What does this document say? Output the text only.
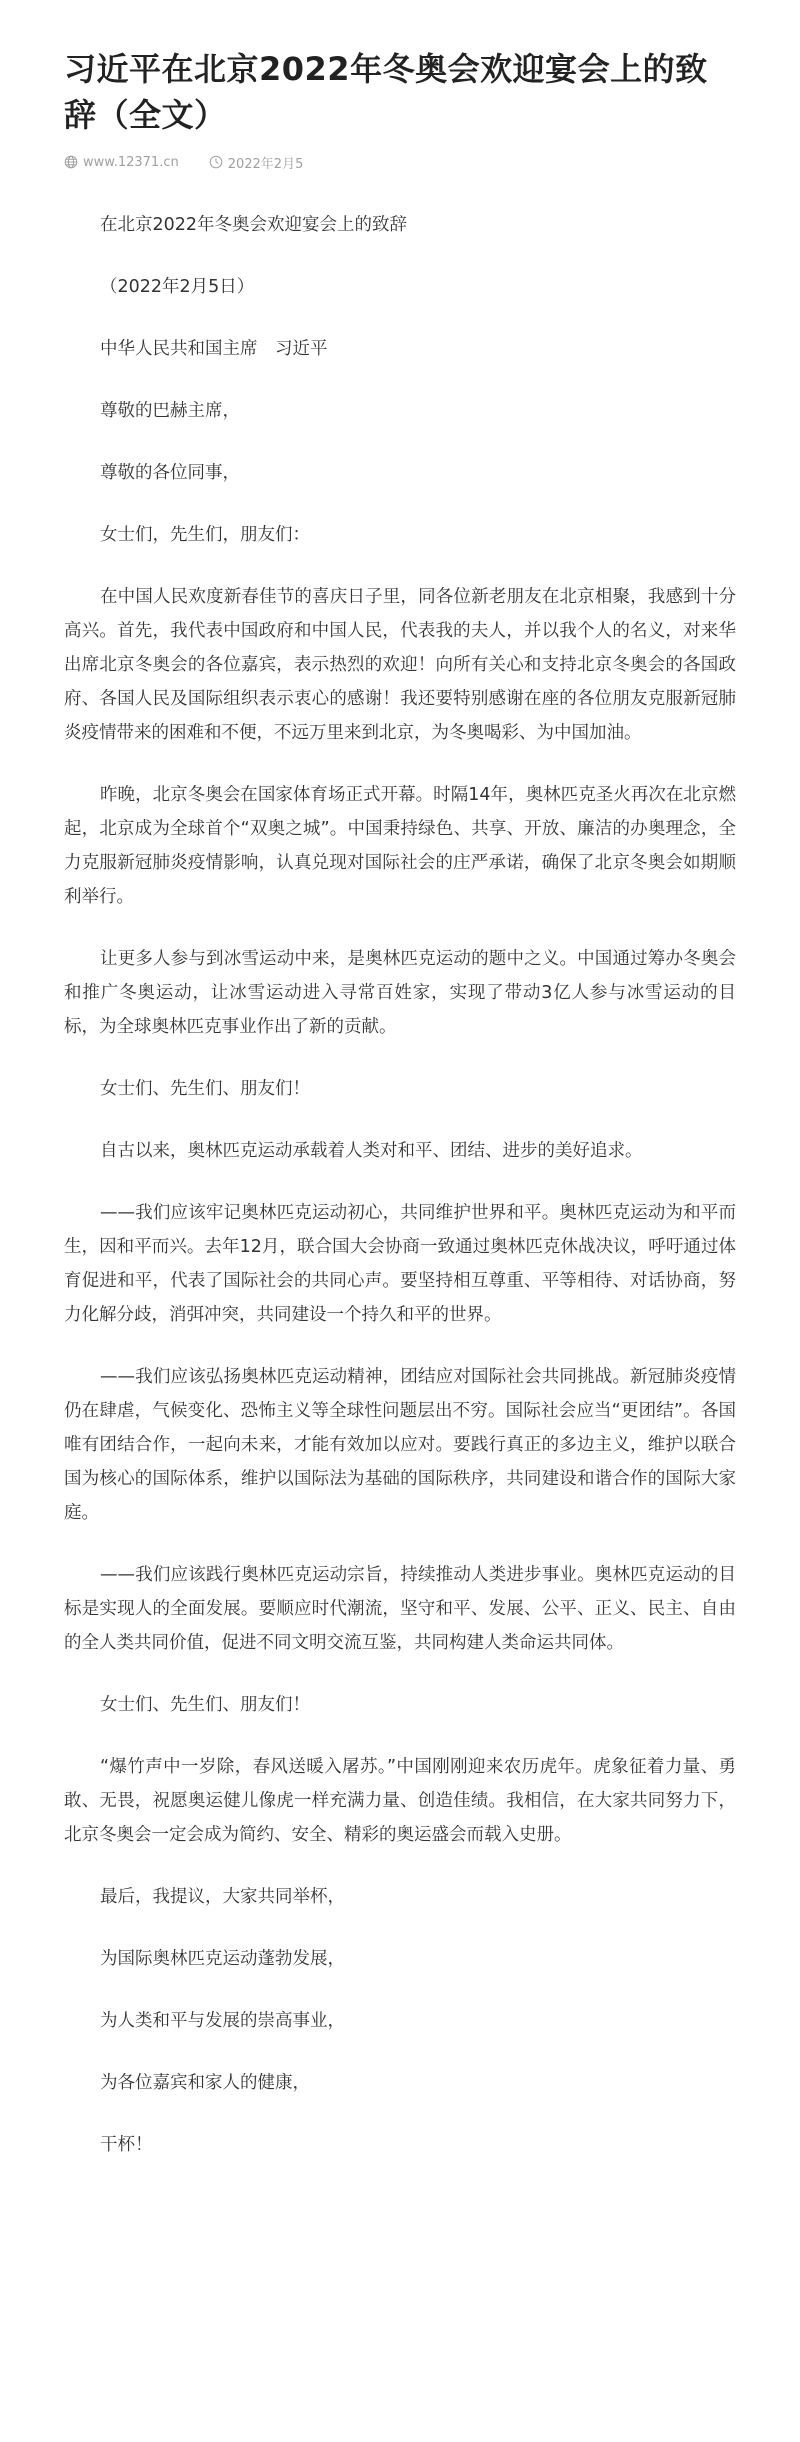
习近平在北京2022年冬奥会欢迎宴会上的致辞（全文）
www.12371.cn	2022年2月5

在北京2022年冬奥会欢迎宴会上的致辞

（2022年2月5日）

中华人民共和国主席　习近平

尊敬的巴赫主席，

尊敬的各位同事，

女士们，先生们，朋友们：

在中国人民欢度新春佳节的喜庆日子里，同各位新老朋友在北京相聚，我感到十分高兴。首先，我代表中国政府和中国人民，代表我的夫人，并以我个人的名义，对来华出席北京冬奥会的各位嘉宾，表示热烈的欢迎！向所有关心和支持北京冬奥会的各国政府、各国人民及国际组织表示衷心的感谢！我还要特别感谢在座的各位朋友克服新冠肺炎疫情带来的困难和不便，不远万里来到北京，为冬奥喝彩、为中国加油。

昨晚，北京冬奥会在国家体育场正式开幕。时隔14年，奥林匹克圣火再次在北京燃起，北京成为全球首个“双奥之城”。中国秉持绿色、共享、开放、廉洁的办奥理念，全力克服新冠肺炎疫情影响，认真兑现对国际社会的庄严承诺，确保了北京冬奥会如期顺利举行。

让更多人参与到冰雪运动中来，是奥林匹克运动的题中之义。中国通过筹办冬奥会和推广冬奥运动，让冰雪运动进入寻常百姓家，实现了带动3亿人参与冰雪运动的目标，为全球奥林匹克事业作出了新的贡献。

女士们、先生们、朋友们！

自古以来，奥林匹克运动承载着人类对和平、团结、进步的美好追求。

——我们应该牢记奥林匹克运动初心，共同维护世界和平。奥林匹克运动为和平而生，因和平而兴。去年12月，联合国大会协商一致通过奥林匹克休战决议，呼吁通过体育促进和平，代表了国际社会的共同心声。要坚持相互尊重、平等相待、对话协商，努力化解分歧，消弭冲突，共同建设一个持久和平的世界。

——我们应该弘扬奥林匹克运动精神，团结应对国际社会共同挑战。新冠肺炎疫情仍在肆虐，气候变化、恐怖主义等全球性问题层出不穷。国际社会应当“更团结”。各国唯有团结合作，一起向未来，才能有效加以应对。要践行真正的多边主义，维护以联合国为核心的国际体系，维护以国际法为基础的国际秩序，共同建设和谐合作的国际大家庭。

——我们应该践行奥林匹克运动宗旨，持续推动人类进步事业。奥林匹克运动的目标是实现人的全面发展。要顺应时代潮流，坚守和平、发展、公平、正义、民主、自由的全人类共同价值，促进不同文明交流互鉴，共同构建人类命运共同体。

女士们、先生们、朋友们！

“爆竹声中一岁除，春风送暖入屠苏。”中国刚刚迎来农历虎年。虎象征着力量、勇敢、无畏，祝愿奥运健儿像虎一样充满力量、创造佳绩。我相信，在大家共同努力下，北京冬奥会一定会成为简约、安全、精彩的奥运盛会而载入史册。

最后，我提议，大家共同举杯，

为国际奥林匹克运动蓬勃发展，

为人类和平与发展的崇高事业，

为各位嘉宾和家人的健康，

干杯！
